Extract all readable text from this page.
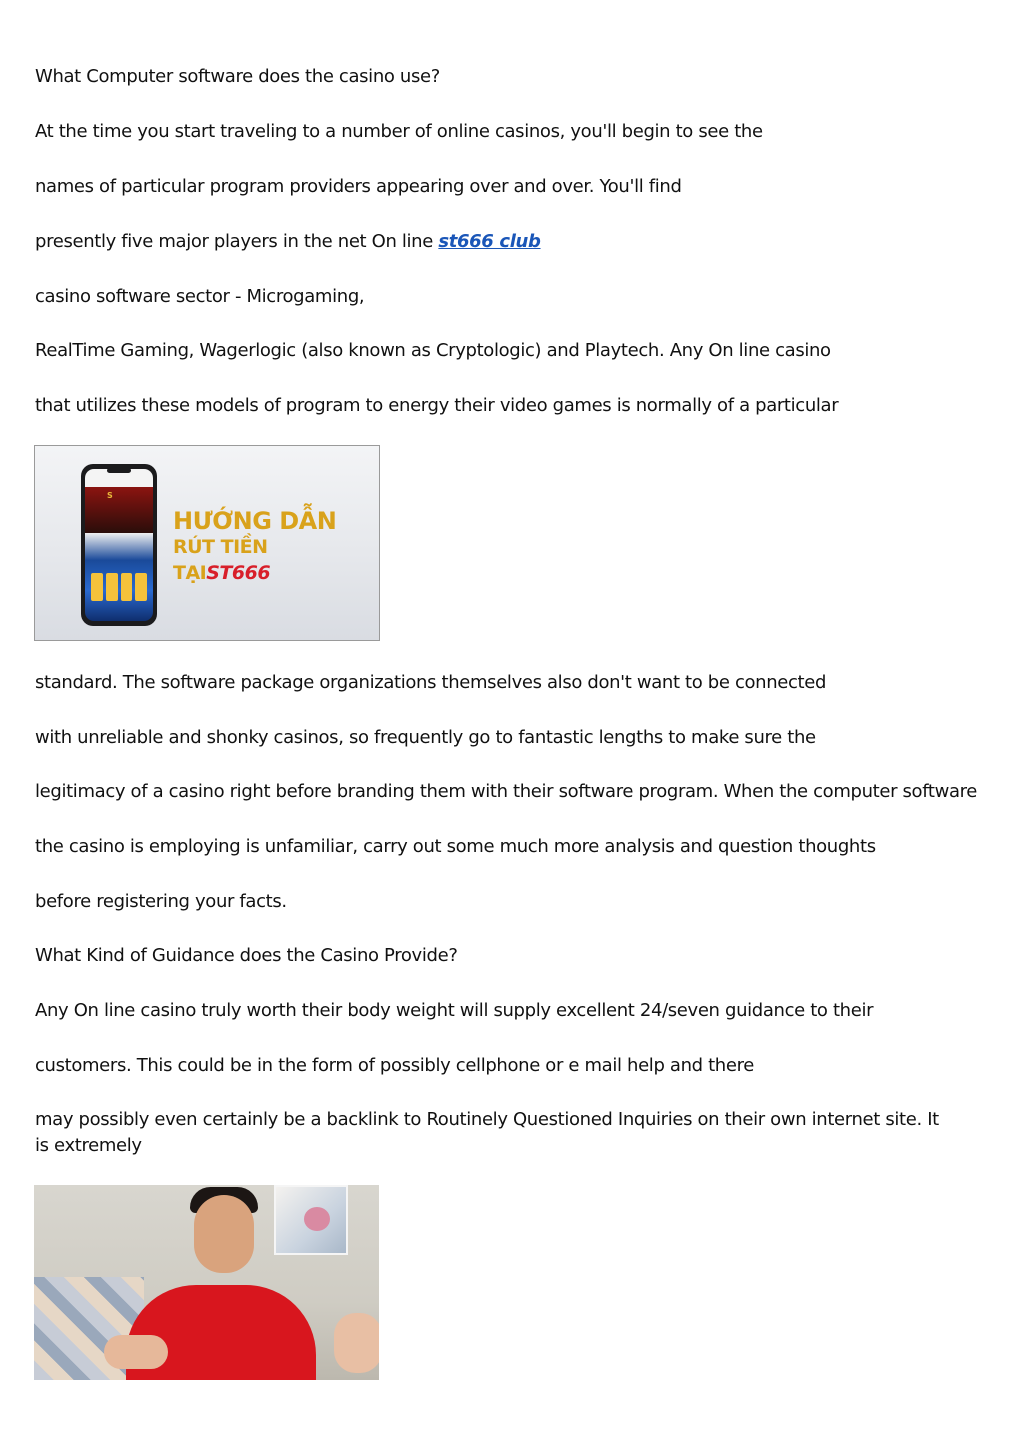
What Computer software does the casino use?
At the time you start traveling to a number of online casinos, you'll begin to see the
names of particular program providers appearing over and over. You'll find
presently five major players in the net On line st666 club
casino software sector - Microgaming,
RealTime Gaming, Wagerlogic (also known as Cryptologic) and Playtech. Any On line casino
that utilizes these models of program to energy their video games is normally of a particular
S
HƯỚNG DẪN
RÚT TIỀN
TẠIST666
standard. The software package organizations themselves also don't want to be connected
with unreliable and shonky casinos, so frequently go to fantastic lengths to make sure the
legitimacy of a casino right before branding them with their software program. When the computer software
the casino is employing is unfamiliar, carry out some much more analysis and question thoughts
before registering your facts.
What Kind of Guidance does the Casino Provide?
Any On line casino truly worth their body weight will supply excellent 24/seven guidance to their
customers. This could be in the form of possibly cellphone or e mail help and there
may possibly even certainly be a backlink to Routinely Questioned Inquiries on their own internet site. It is extremely
